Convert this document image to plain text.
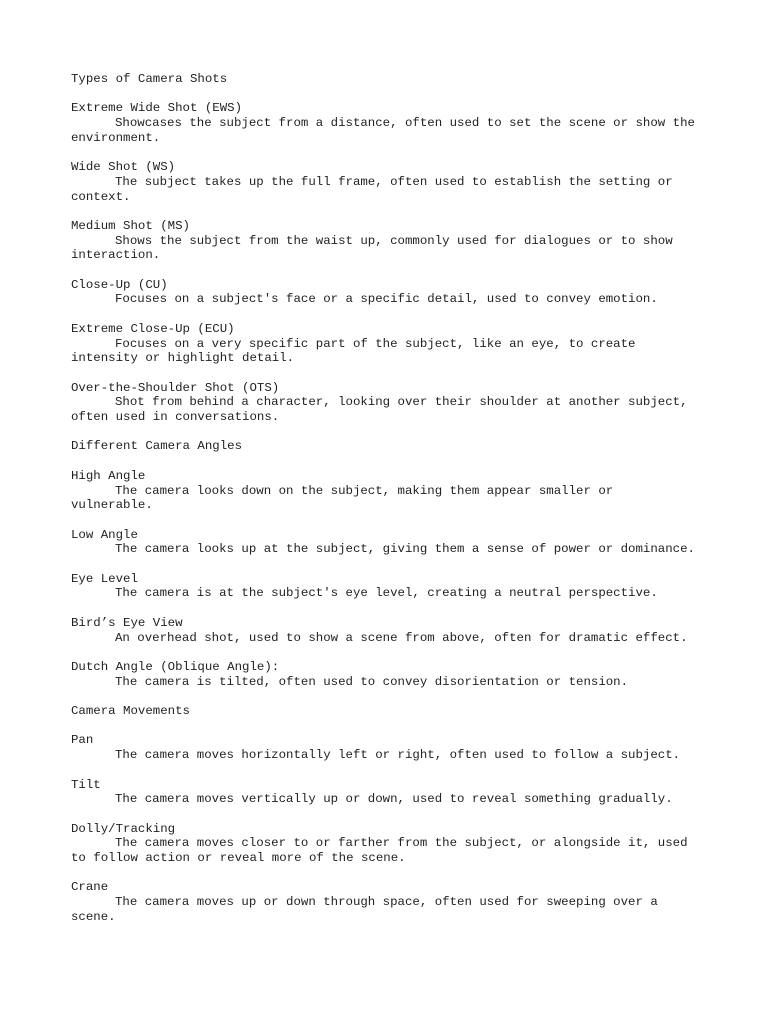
Types of Camera Shots
Extreme Wide Shot (EWS)
Showcases the subject from a distance, often used to set the scene or show the environment.
Wide Shot (WS)
The subject takes up the full frame, often used to establish the setting or context.
Medium Shot (MS)
Shows the subject from the waist up, commonly used for dialogues or to show interaction.
Close-Up (CU)
Focuses on a subject's face or a specific detail, used to convey emotion.
Extreme Close-Up (ECU)
Focuses on a very specific part of the subject, like an eye, to create intensity or highlight detail.
Over-the-Shoulder Shot (OTS)
Shot from behind a character, looking over their shoulder at another subject, often used in conversations.
Different Camera Angles
High Angle
The camera looks down on the subject, making them appear smaller or vulnerable.
Low Angle
The camera looks up at the subject, giving them a sense of power or dominance.
Eye Level
The camera is at the subject's eye level, creating a neutral perspective.
Bird’s Eye View
An overhead shot, used to show a scene from above, often for dramatic effect.
Dutch Angle (Oblique Angle):
The camera is tilted, often used to convey disorientation or tension.
Camera Movements
Pan
The camera moves horizontally left or right, often used to follow a subject.
Tilt
The camera moves vertically up or down, used to reveal something gradually.
Dolly/Tracking
The camera moves closer to or farther from the subject, or alongside it, used to follow action or reveal more of the scene.
Crane
The camera moves up or down through space, often used for sweeping over a scene.
